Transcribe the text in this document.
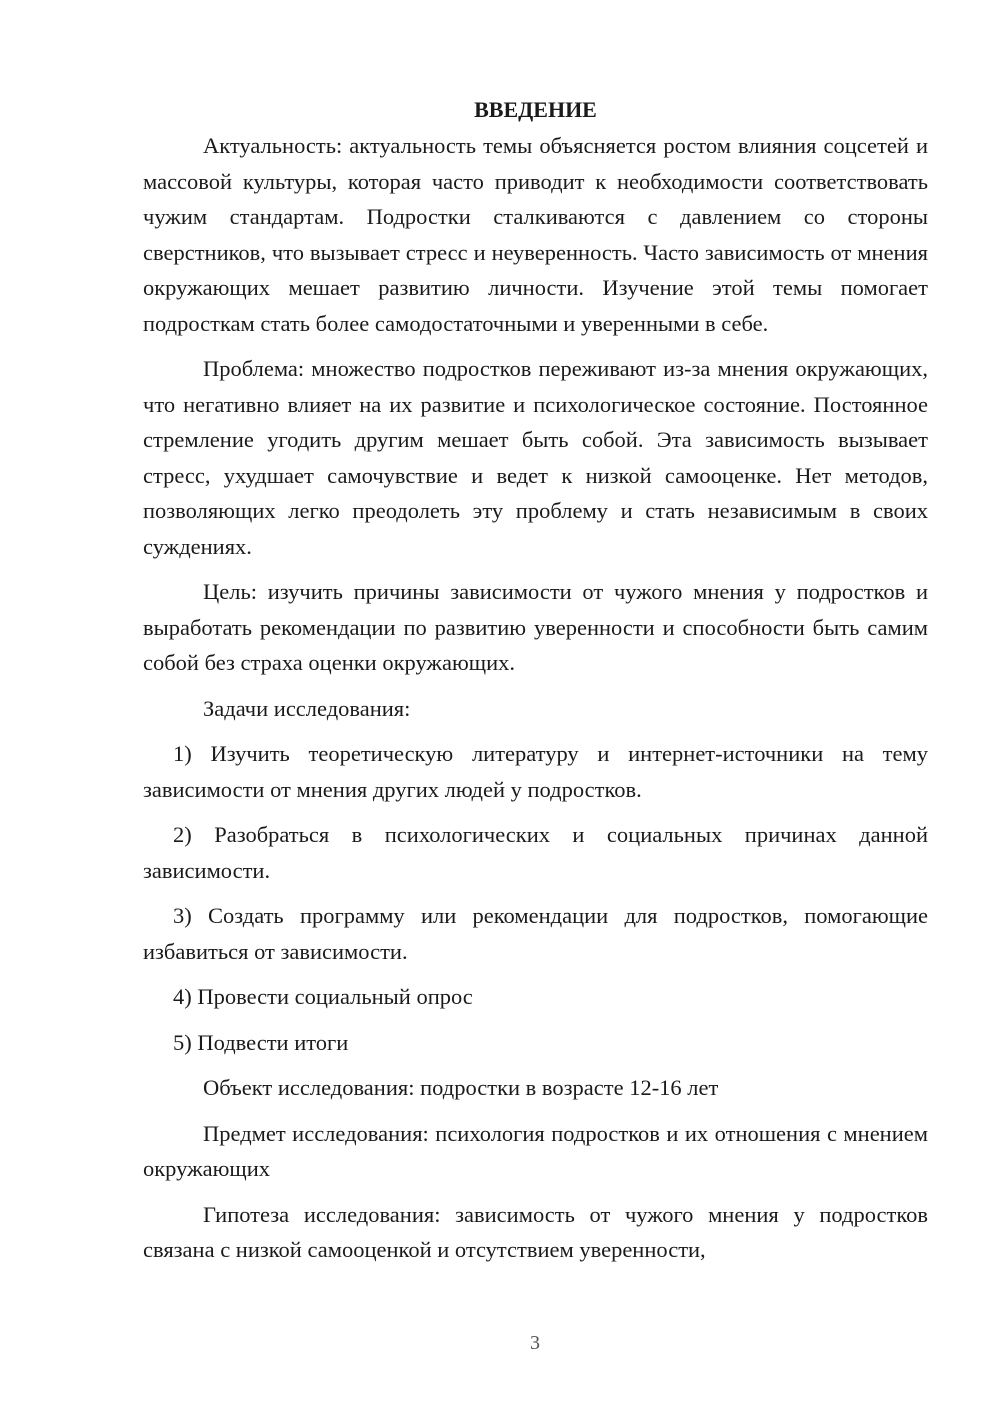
ВВЕДЕНИЕ

Актуальность: актуальность темы объясняется ростом влияния соцсетей и массовой культуры, которая часто приводит к необходимости соответствовать чужим стандартам. Подростки сталкиваются с давлением со стороны сверстников, что вызывает стресс и неуверенность. Часто зависимость от мнения окружающих мешает развитию личности. Изучение этой темы помогает подросткам стать более самодостаточными и уверенными в себе.

Проблема: множество подростков переживают из-за мнения окружающих, что негативно влияет на их развитие и психологическое состояние. Постоянное стремление угодить другим мешает быть собой. Эта зависимость вызывает стресс, ухудшает самочувствие и ведет к низкой самооценке. Нет методов, позволяющих легко преодолеть эту проблему и стать независимым в своих суждениях.

Цель: изучить причины зависимости от чужого мнения у подростков и выработать рекомендации по развитию уверенности и способности быть самим собой без страха оценки окружающих.

Задачи исследования:

1) Изучить теоретическую литературу и интернет-источники на тему зависимости от мнения других людей у подростков.

2) Разобраться в психологических и социальных причинах данной зависимости.

3) Создать программу или рекомендации для подростков, помогающие избавиться от зависимости.

4) Провести социальный опрос

5) Подвести итоги

Объект исследования: подростки в возрасте 12-16 лет

Предмет исследования: психология подростков и их отношения с мнением окружающих

Гипотеза исследования: зависимость от чужого мнения у подростков связана с низкой самооценкой и отсутствием уверенности,

3
